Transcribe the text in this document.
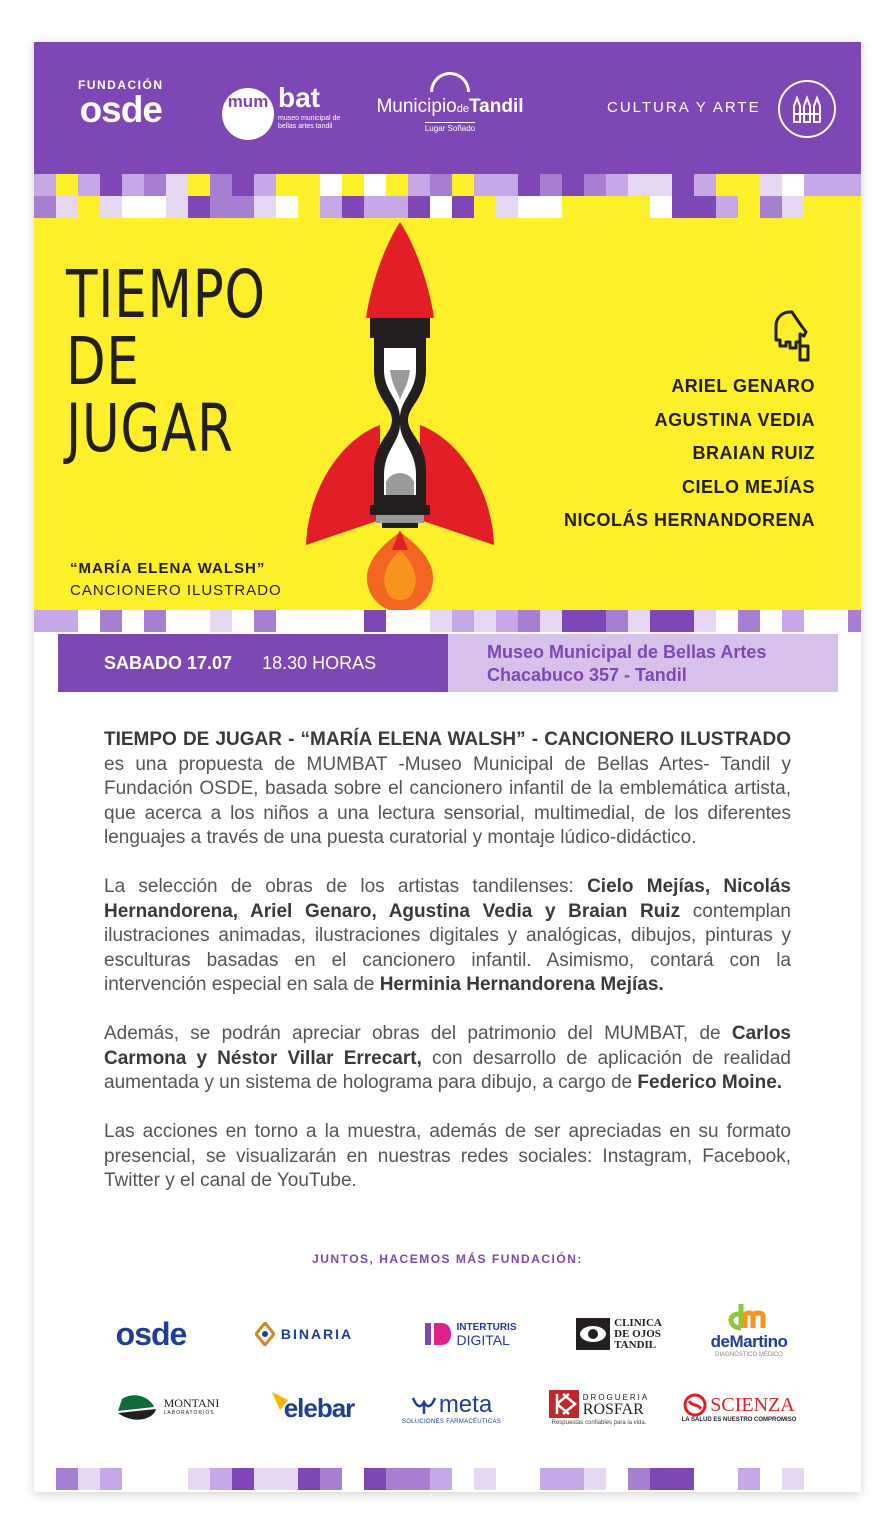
FUNDACIÓN
osde	mum bat
museo municipal de bellas artes tandil
MunicipiodeTandil
Lugar Soñado
CULTURA Y ARTE
TIEMPO
DE
JUGAR
“MARÍA ELENA WALSH”
CANCIONERO ILUSTRADO
ARIEL GENARO
AGUSTINA VEDIA
BRAIAN RUIZ
CIELO MEJÍAS
NICOLÁS HERNANDORENA
SABADO 17.07 18.30 HORAS
Museo Municipal de Bellas Artes
Chacabuco 357 - Tandil

TIEMPO DE JUGAR - “MARÍA ELENA WALSH” - CANCIONERO ILUSTRADO es una propuesta de MUMBAT -Museo Municipal de Bellas Artes- Tandil y Fundación OSDE, basada sobre el cancionero infantil de la emblemática artista, que acerca a los niños a una lectura sensorial, multimedial, de los diferentes lenguajes a través de una puesta curatorial y montaje lúdico-didáctico.

La selección de obras de los artistas tandilenses: Cielo Mejías, Nicolás Hernandorena, Ariel Genaro, Agustina Vedia y Braian Ruiz contemplan ilustraciones animadas, ilustraciones digitales y analógicas, dibujos, pinturas y esculturas basadas en el cancionero infantil. Asimismo, contará con la intervención especial en sala de Herminia Hernandorena Mejías.

Además, se podrán apreciar obras del patrimonio del MUMBAT, de Carlos Carmona y Néstor Villar Errecart, con desarrollo de aplicación de realidad aumentada y un sistema de holograma para dibujo, a cargo de Federico Moine.

Las acciones en torno a la muestra, además de ser apreciadas en su formato presencial, se visualizarán en nuestras redes sociales: Instagram, Facebook, Twitter y el canal de YouTube.

JUNTOS, HACEMOS MÁS FUNDACIÓN:
osde	BINARIA	INTERTURIS
DIGITAL
CLINICA
DE OJOS
TANDIL	deMartino
DIAGNÓSTICO MÉDICO
MONTANI
LABORATORIOS	elebar	meta
SOLUCIONES FARMACÉUTICAS
DROGUERIA
ROSFAR
Respuestas confiables para la vida.
SCIENZA
LA SALUD ES NUESTRO COMPROMISO
